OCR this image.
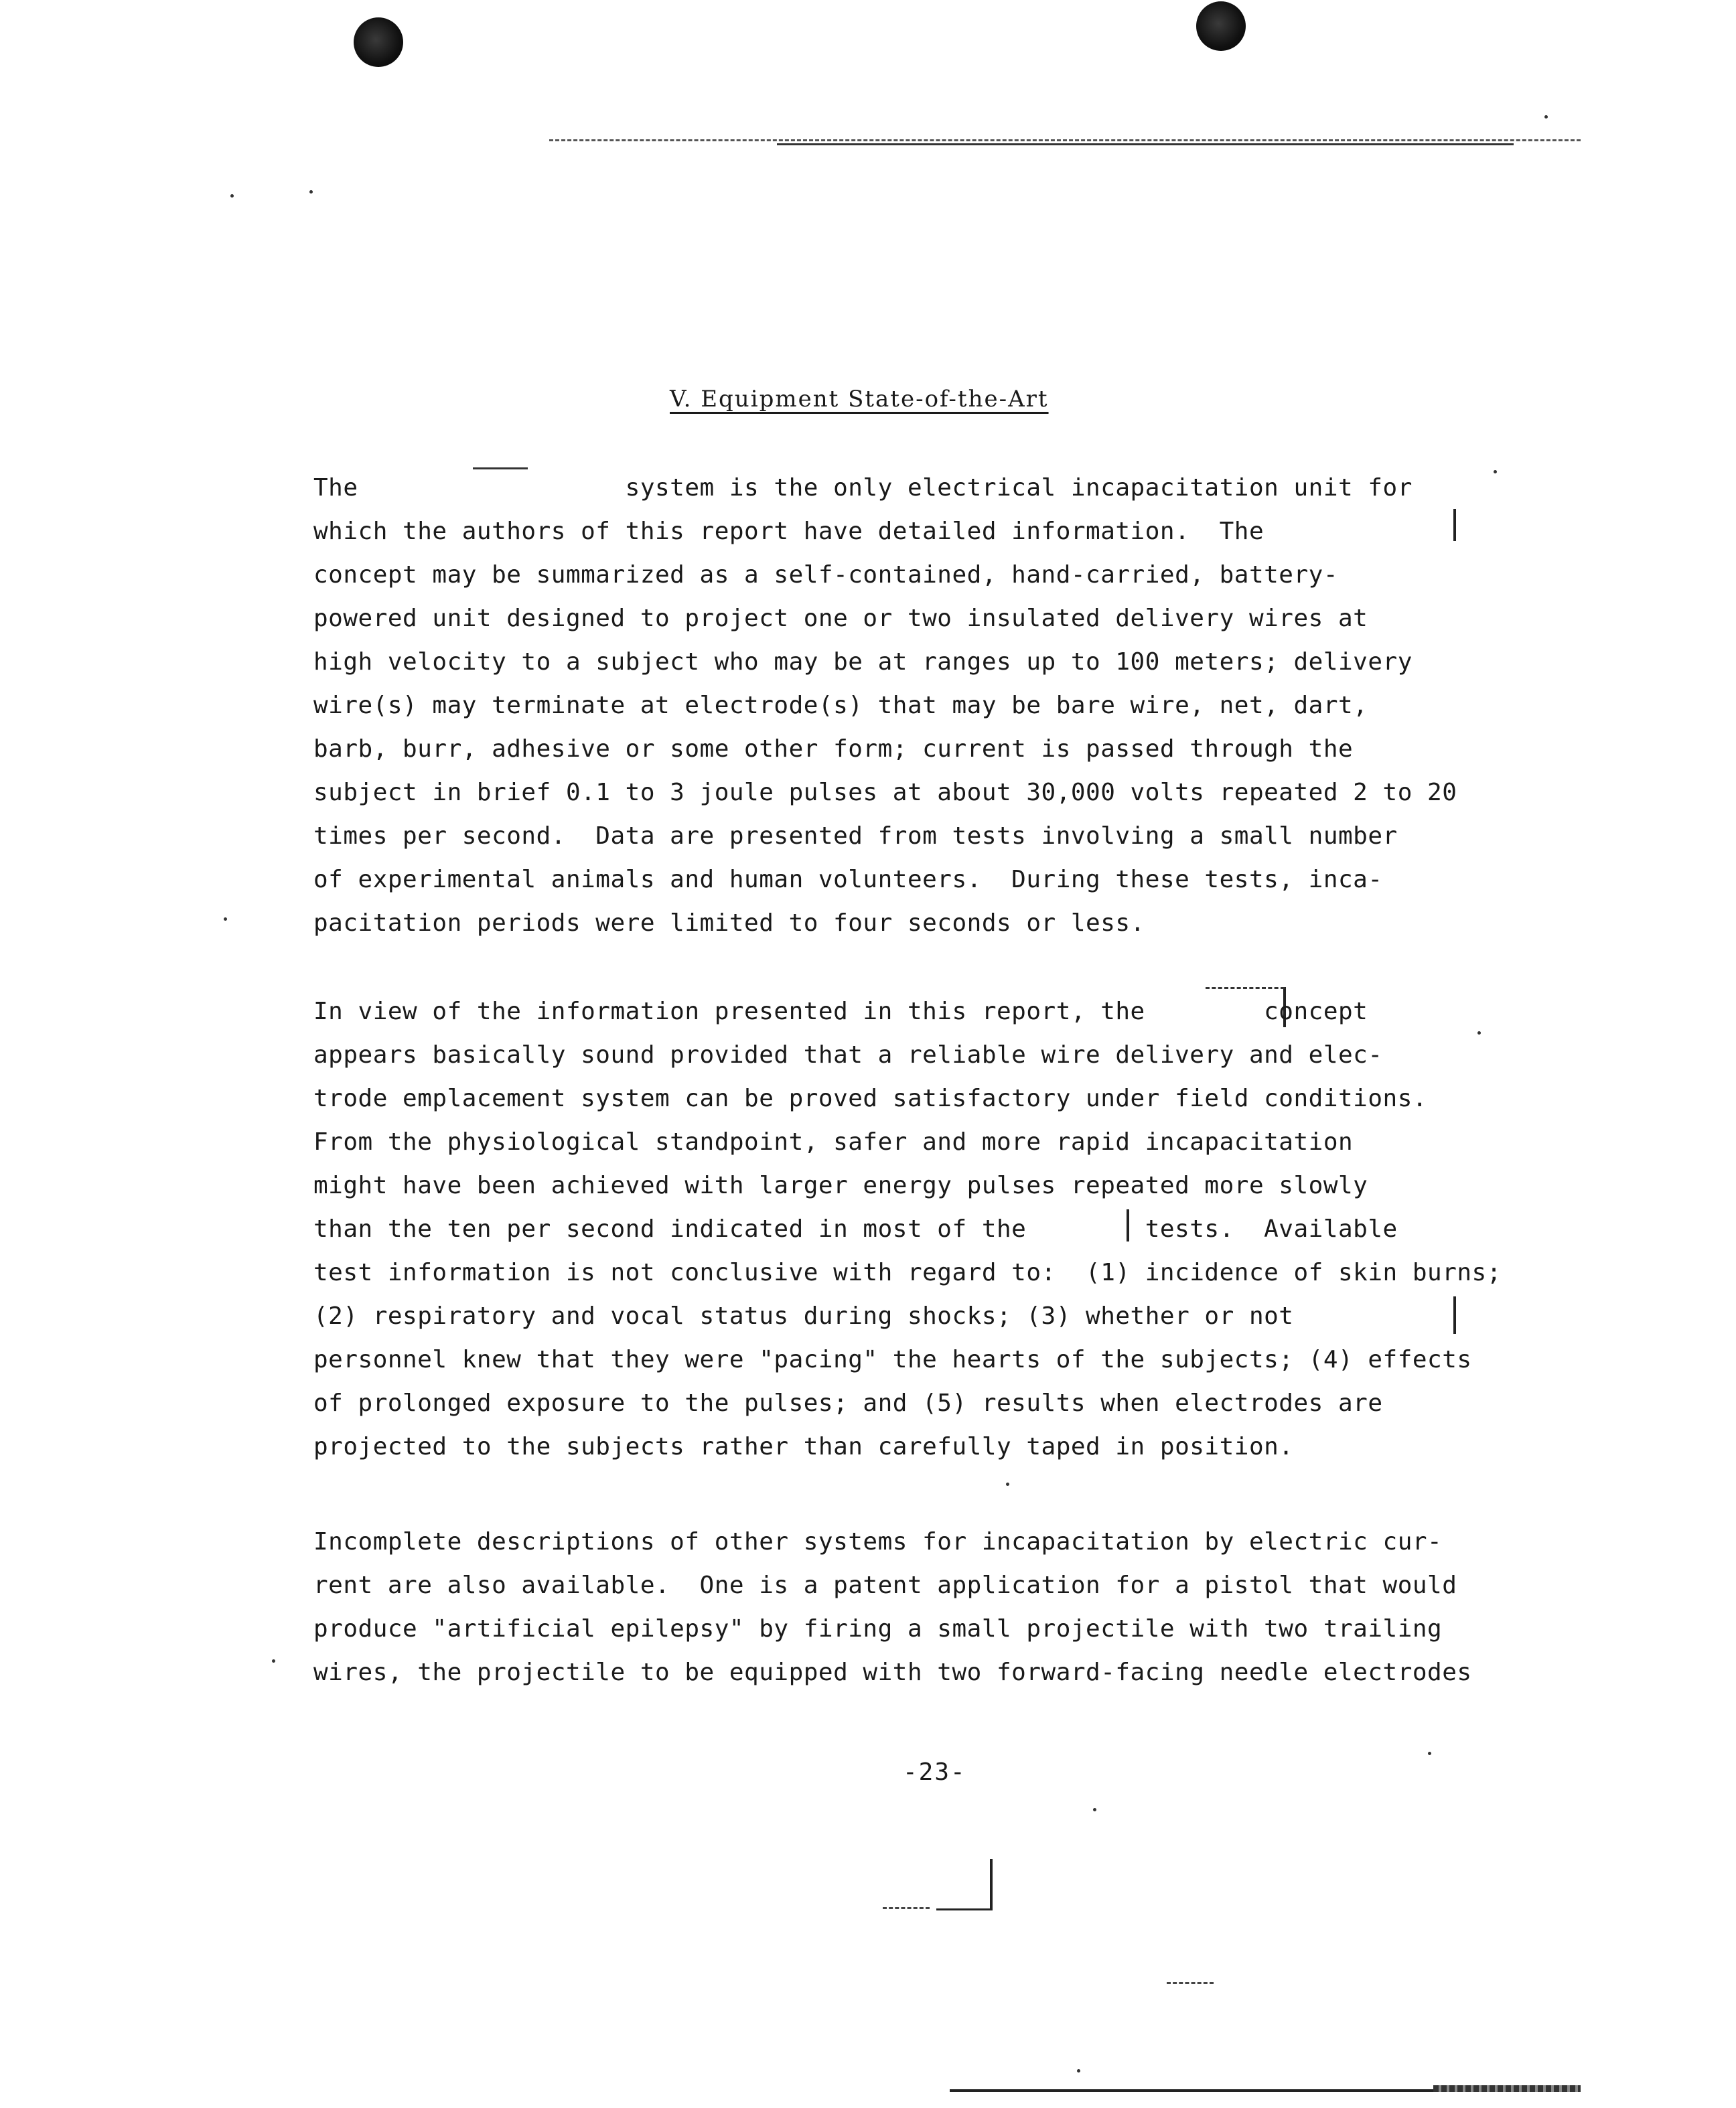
V. Equipment State-of-the-Art
The                  system is the only electrical incapacitation unit for
which the authors of this report have detailed information.  The
concept may be summarized as a self-contained, hand-carried, battery-
powered unit designed to project one or two insulated delivery wires at
high velocity to a subject who may be at ranges up to 100 meters; delivery
wire(s) may terminate at electrode(s) that may be bare wire, net, dart,
barb, burr, adhesive or some other form; current is passed through the
subject in brief 0.1 to 3 joule pulses at about 30,000 volts repeated 2 to 20
times per second.  Data are presented from tests involving a small number
of experimental animals and human volunteers.  During these tests, inca-
pacitation periods were limited to four seconds or less.
In view of the information presented in this report, the        concept
appears basically sound provided that a reliable wire delivery and elec-
trode emplacement system can be proved satisfactory under field conditions.
From the physiological standpoint, safer and more rapid incapacitation
might have been achieved with larger energy pulses repeated more slowly
than the ten per second indicated in most of the        tests.  Available
test information is not conclusive with regard to:  (1) incidence of skin burns;
(2) respiratory and vocal status during shocks; (3) whether or not
personnel knew that they were "pacing" the hearts of the subjects; (4) effects
of prolonged exposure to the pulses; and (5) results when electrodes are
projected to the subjects rather than carefully taped in position.
Incomplete descriptions of other systems for incapacitation by electric cur-
rent are also available.  One is a patent application for a pistol that would
produce "artificial epilepsy" by firing a small projectile with two trailing
wires, the projectile to be equipped with two forward-facing needle electrodes
-23-
